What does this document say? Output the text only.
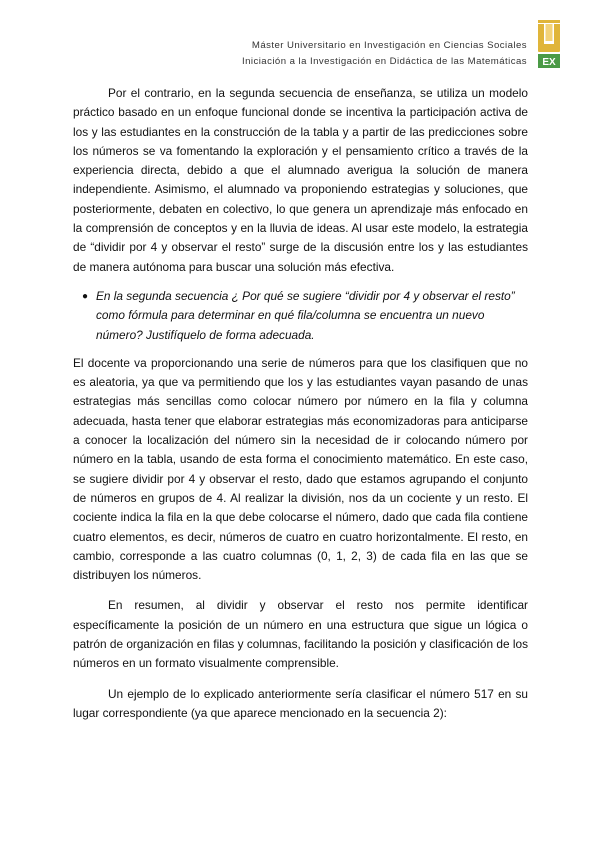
Máster Universitario en Investigación en Ciencias Sociales
Iniciación a la Investigación en Didáctica de las Matemáticas EX

Por el contrario, en la segunda secuencia de enseñanza, se utiliza un modelo práctico basado en un enfoque funcional donde se incentiva la participación activa de los y las estudiantes en la construcción de la tabla y a partir de las predicciones sobre los números se va fomentando la exploración y el pensamiento crítico a través de la experiencia directa, debido a que el alumnado averigua la solución de manera independiente. Asimismo, el alumnado va proponiendo estrategias y soluciones, que posteriormente, debaten en colectivo, lo que genera un aprendizaje más enfocado en la comprensión de conceptos y en la lluvia de ideas. Al usar este modelo, la estrategia de “dividir por 4 y observar el resto” surge de la discusión entre los y las estudiantes de manera autónoma para buscar una solución más efectiva.

● En la segunda secuencia ¿ Por qué se sugiere “dividir por 4 y observar el resto” como fórmula para determinar en qué fila/columna se encuentra un nuevo número? Justifíquelo de forma adecuada.

El docente va proporcionando una serie de números para que los clasifiquen que no es aleatoria, ya que va permitiendo que los y las estudiantes vayan pasando de unas estrategias más sencillas como colocar número por número en la fila y columna adecuada, hasta tener que elaborar estrategias más economizadoras para anticiparse a conocer la localización del número sin la necesidad de ir colocando número por número en la tabla, usando de esta forma el conocimiento matemático. En este caso, se sugiere dividir por 4 y observar el resto, dado que estamos agrupando el conjunto de números en grupos de 4. Al realizar la división, nos da un cociente y un resto. El cociente indica la fila en la que debe colocarse el número, dado que cada fila contiene cuatro elementos, es decir, números de cuatro en cuatro horizontalmente. El resto, en cambio, corresponde a las cuatro columnas (0, 1, 2, 3) de cada fila en las que se distribuyen los números.

En resumen, al dividir y observar el resto nos permite identificar específicamente la posición de un número en una estructura que sigue un lógica o patrón de organización en filas y columnas, facilitando la posición y clasificación de los números en un formato visualmente comprensible.

Un ejemplo de lo explicado anteriormente sería clasificar el número 517 en su lugar correspondiente (ya que aparece mencionado en la secuencia 2):
